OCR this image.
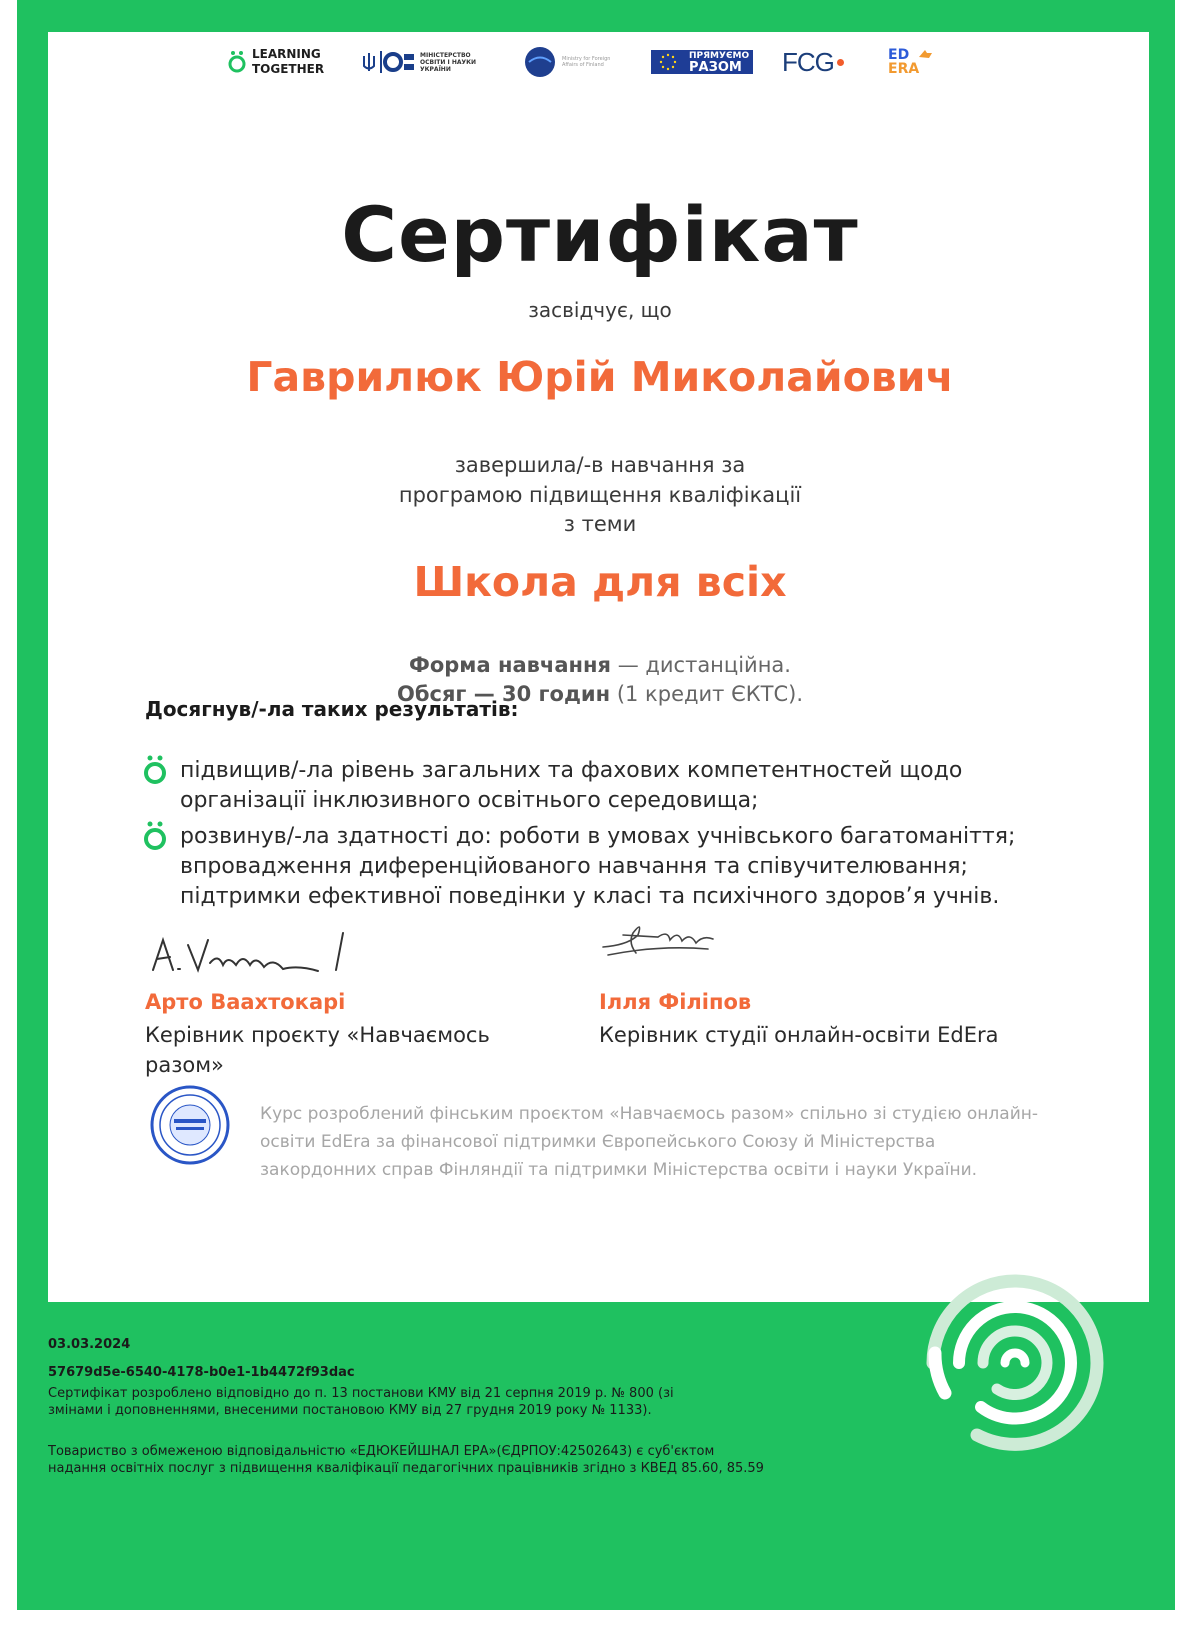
LEARNING
TOGETHER
МІНІСТЕРСТВО
ОСВІТИ І НАУКИ
УКРАЇНИ
Ministry for Foreign Affairs of Finland
ПРЯМУЄМО
РАЗОМ FCG	ED
ERA
Сертифікат
засвідчує, що
Гаврилюк Юрій Миколайович
завершила/-в навчання за
програмою підвищення кваліфікації
з теми
Школа для всіх
Форма навчання — дистанційна.
Обсяг — 30 годин (1 кредит ЄКТС).
Досягнув/-ла таких результатів:
підвищив/-ла рівень загальних та фахових компетентностей щодо
організації інклюзивного освітнього середовища;
розвинув/-ла здатності до: роботи в умовах учнівського багатоманіття;
впровадження диференційованого навчання та співучителювання;
підтримки ефективної поведінки у класі та психічного здоров’я учнів.
Арто Ваахтокарі
Керівник проєкту «Навчаємось
разом»
Ілля Філіпов
Керівник студії онлайн-освіти EdEra
Курс розроблений фінським проєктом «Навчаємось разом» спільно зі студією онлайн-освіти EdEra за фінансової підтримки Європейського Союзу й Міністерства закордонних справ Фінляндії та підтримки Міністерства освіти і науки України.
03.03.2024
57679d5e-6540-4178-b0e1-1b4472f93dac
Сертифікат розроблено відповідно до п. 13 постанови КМУ від 21 серпня 2019 р. № 800 (зі
змінами і доповненнями, внесеними постановою КМУ від 27 грудня 2019 року № 1133).
Товариство з обмеженою відповідальністю «ЕДЮКЕЙШНАЛ ЕРА»(ЄДРПОУ:42502643) є суб'єктом
надання освітніх послуг з підвищення кваліфікації педагогічних працівників згідно з КВЕД 85.60, 85.59
